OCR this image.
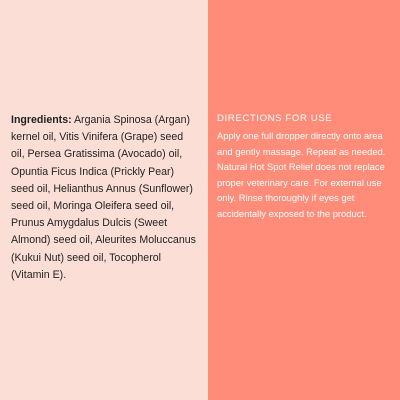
Ingredients: Argania Spinosa (Argan) kernel oil, Vitis Vinifera (Grape) seed oil, Persea Gratissima (Avocado) oil, Opuntia Ficus Indica (Prickly Pear) seed oil, Helianthus Annus (Sunflower) seed oil, Moringa Oleifera seed oil, Prunus Amygdalus Dulcis (Sweet Almond) seed oil, Aleurites Moluccanus (Kukui Nut) seed oil, Tocopherol (Vitamin E).

DIRECTIONS FOR USE

Apply one full dropper directly onto area
and gently massage. Repeat as needed.
Natural Hot Spot Relief does not replace
proper veterinary care. For external use
only. Rinse thoroughly if eyes get
accidentally exposed to the product.
